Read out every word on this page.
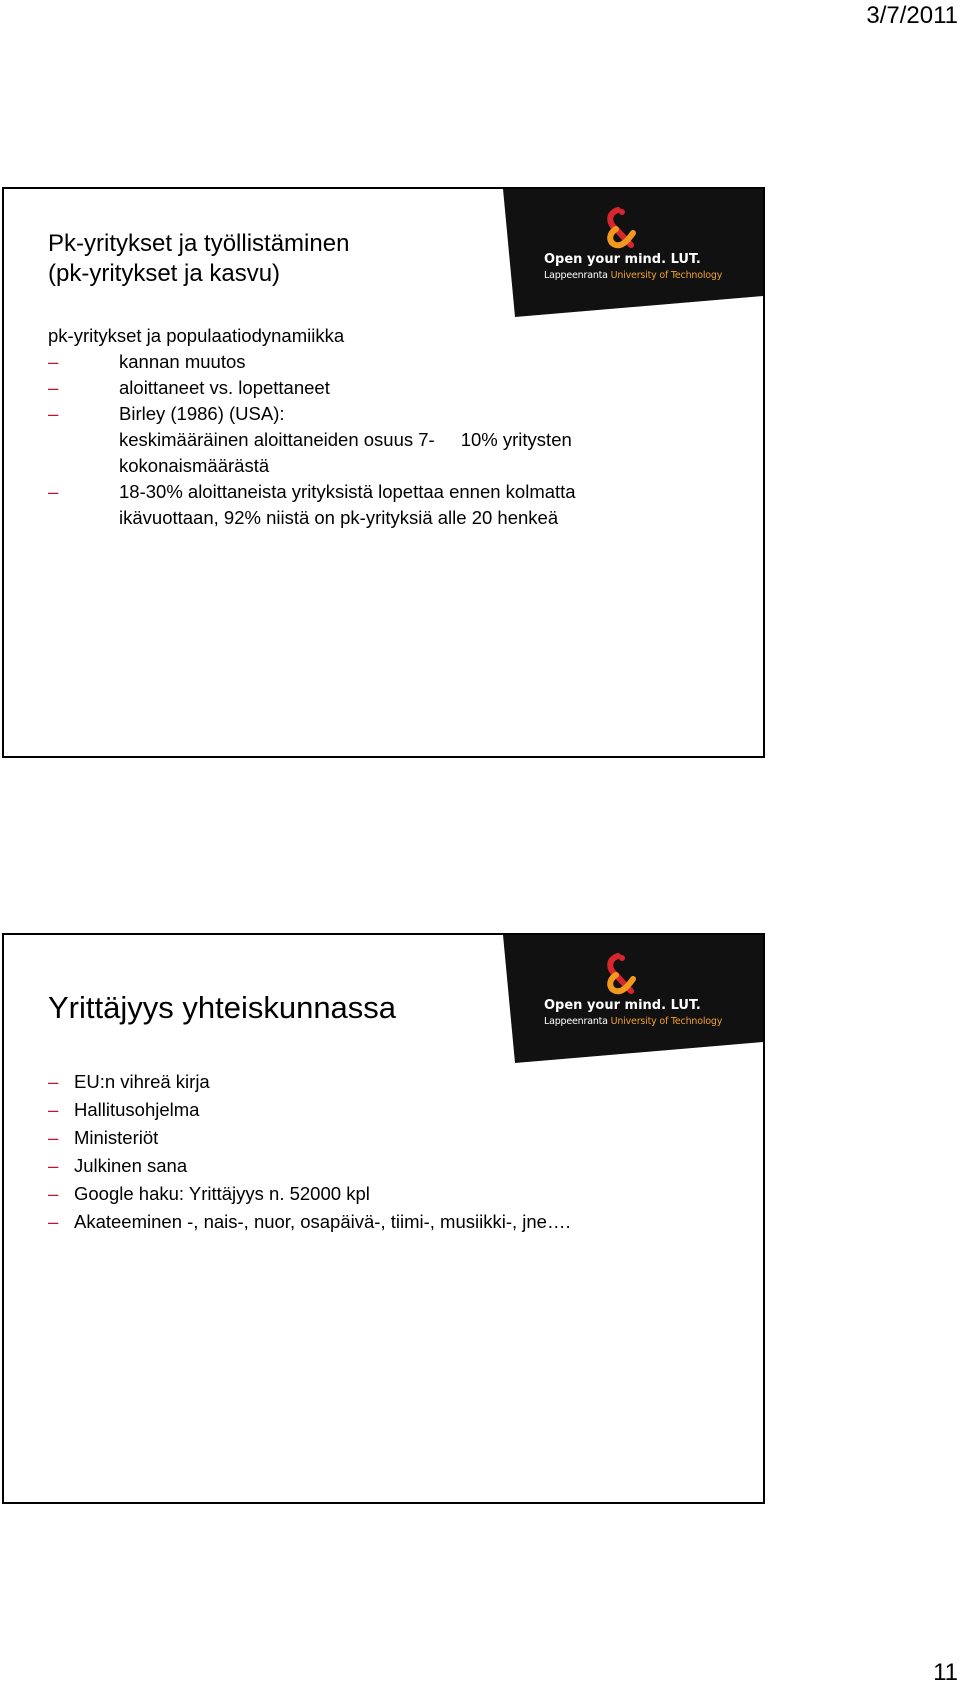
3/7/2011
Open your mind. LUT.
Lappeenranta University of Technology
Pk-yritykset ja työllistäminen
(pk-yritykset ja kasvu)
pk-yritykset ja populaatiodynamiikka
–	kannan muutos
–	aloittaneet vs. lopettaneet
–	Birley (1986) (USA):
keskimääräinen aloittaneiden osuus 7- 10% yritysten
kokonaismäärästä
–	18-30% aloittaneista yrityksistä lopettaa ennen kolmatta
ikävuottaan, 92% niistä on pk-yrityksiä alle 20 henkeä
Open your mind. LUT.
Lappeenranta University of Technology
Yrittäjyys yhteiskunnassa
– EU:n vihreä kirja
– Hallitusohjelma
– Ministeriöt
– Julkinen sana
– Google haku: Yrittäjyys n. 52000 kpl
– Akateeminen -, nais-, nuor, osapäivä-, tiimi-, musiikki-, jne….
11
